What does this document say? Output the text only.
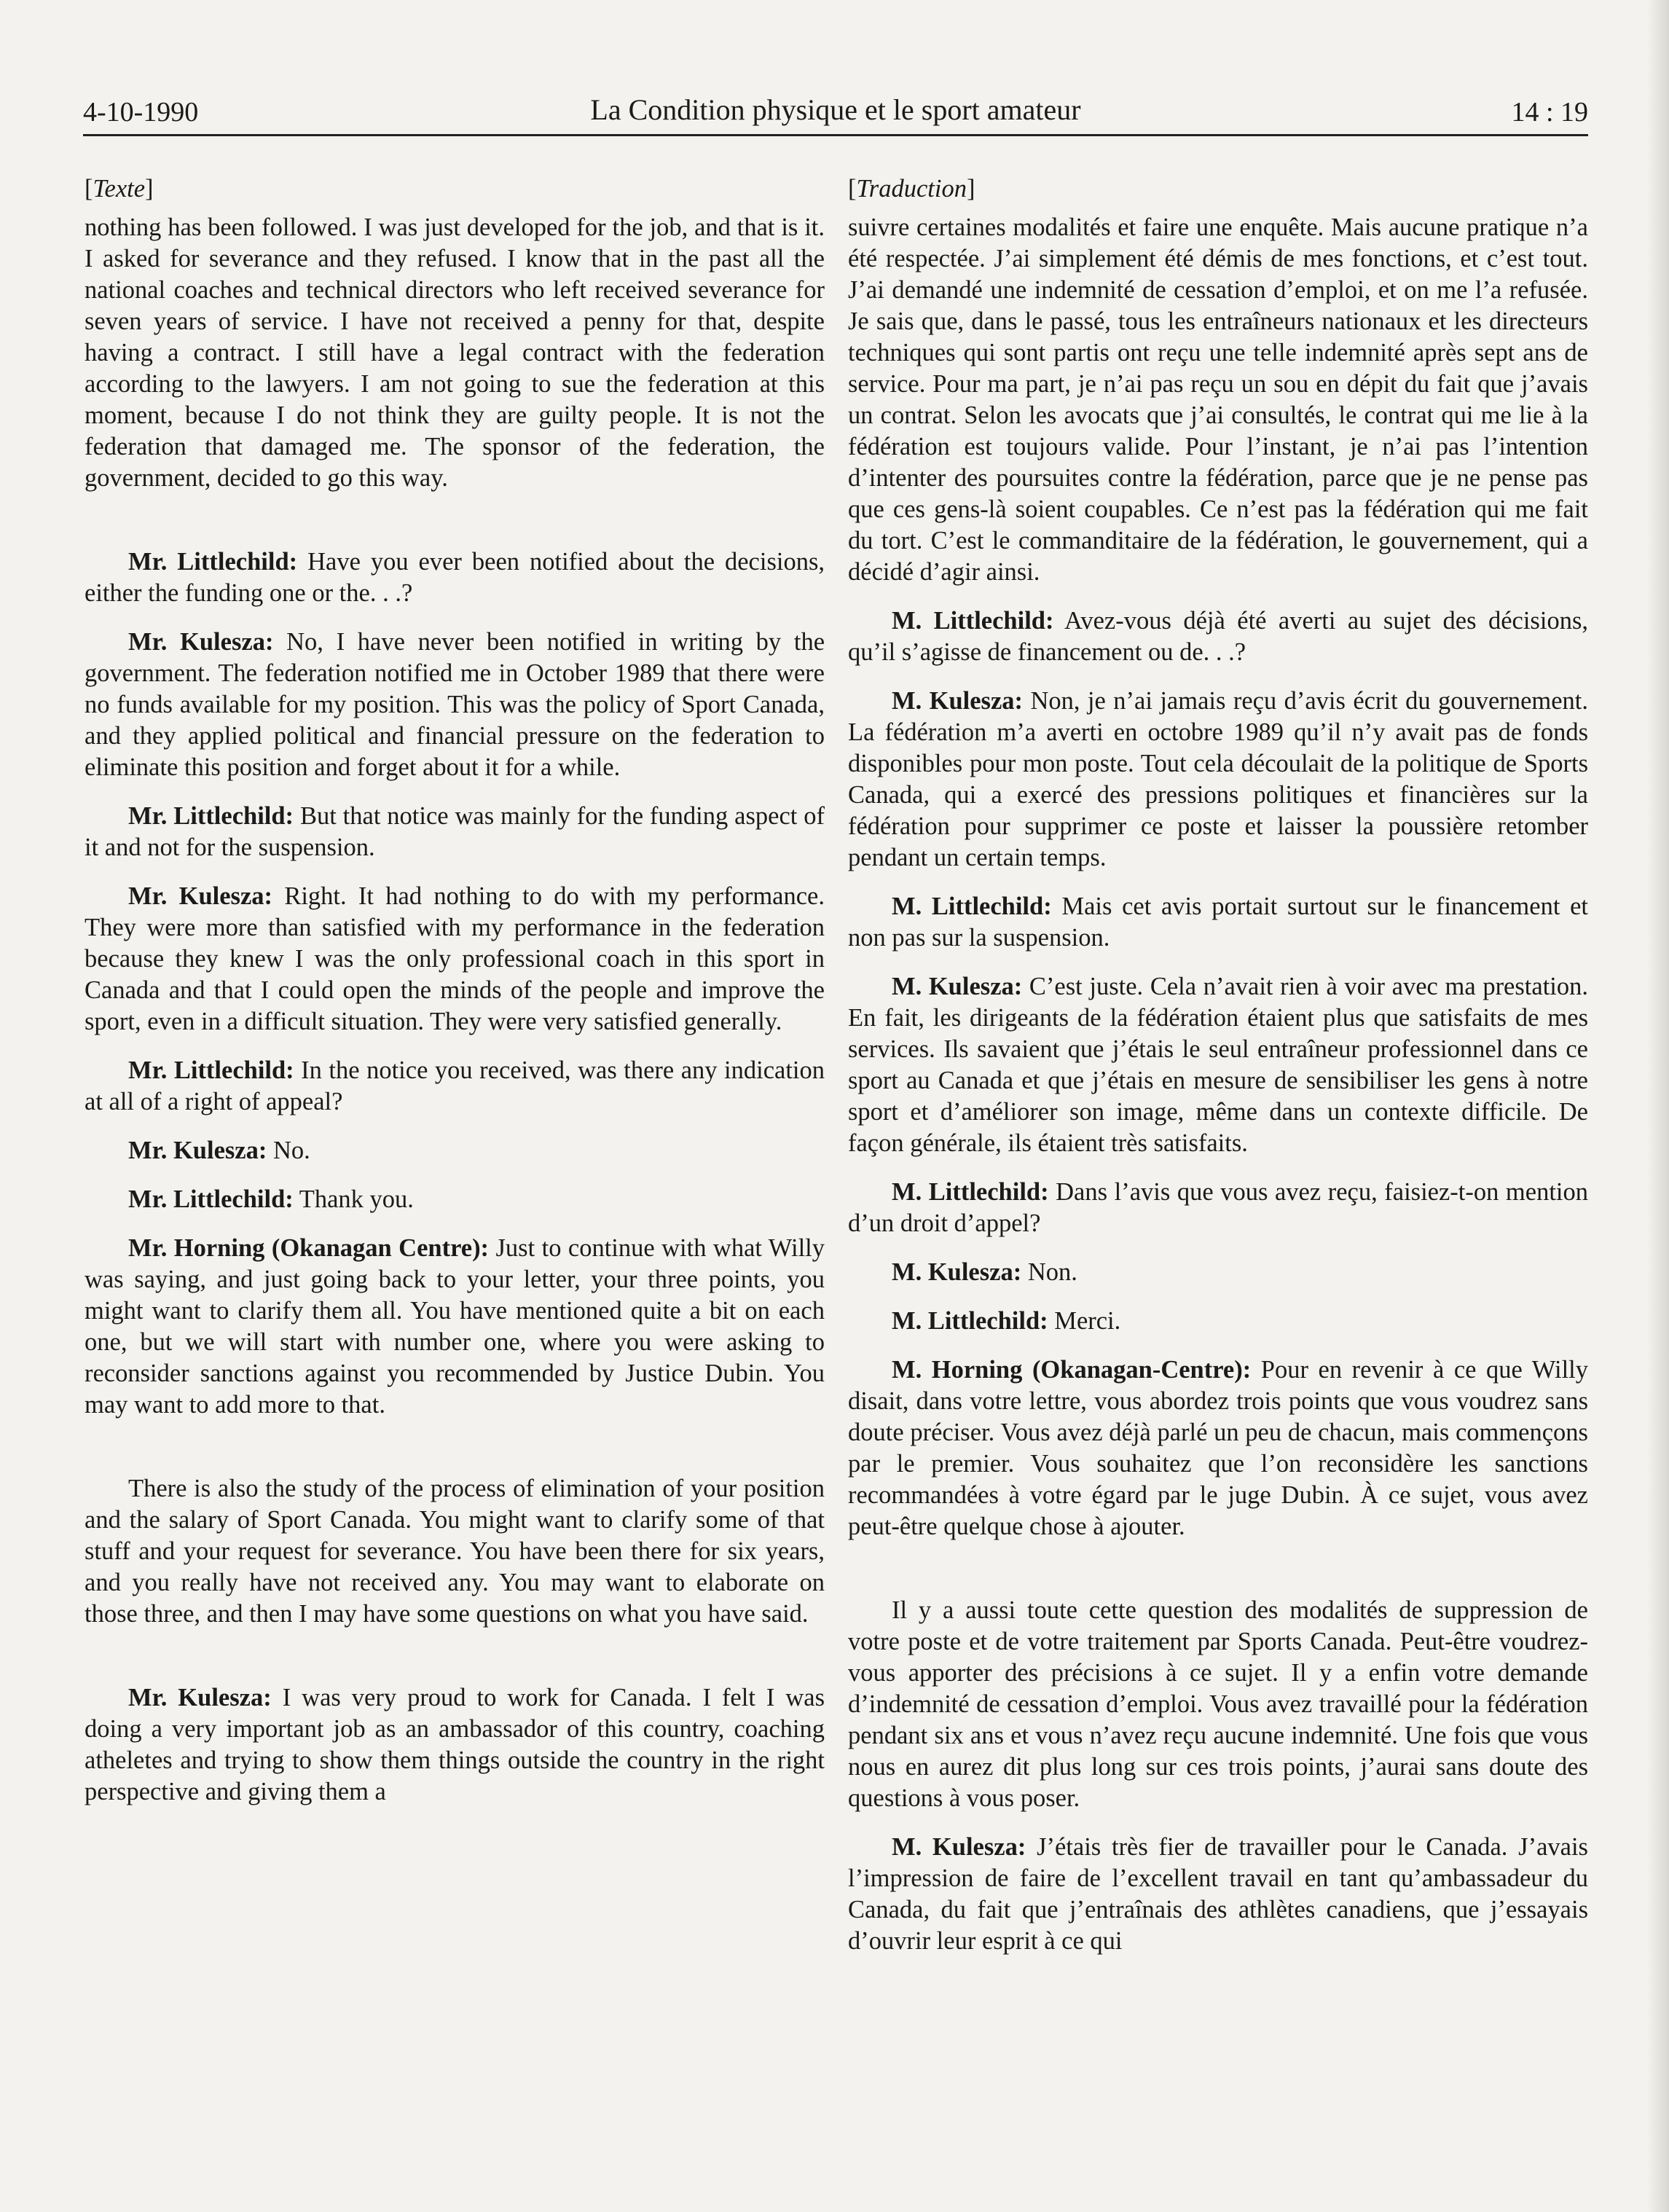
4-10-1990	La Condition physique et le sport amateur	14 : 19
[Texte]

nothing has been followed. I was just developed for the job, and that is it. I asked for severance and they refused. I know that in the past all the national coaches and technical directors who left received severance for seven years of service. I have not received a penny for that, despite having a contract. I still have a legal contract with the federation according to the lawyers. I am not going to sue the federation at this moment, because I do not think they are guilty people. It is not the federation that damaged me. The sponsor of the federation, the government, decided to go this way.

Mr. Littlechild: Have you ever been notified about the decisions, either the funding one or the. . .?

Mr. Kulesza: No, I have never been notified in writing by the government. The federation notified me in October 1989 that there were no funds available for my position. This was the policy of Sport Canada, and they applied political and financial pressure on the federation to eliminate this position and forget about it for a while.

Mr. Littlechild: But that notice was mainly for the funding aspect of it and not for the suspension.

Mr. Kulesza: Right. It had nothing to do with my performance. They were more than satisfied with my performance in the federation because they knew I was the only professional coach in this sport in Canada and that I could open the minds of the people and improve the sport, even in a difficult situation. They were very satisfied generally.

Mr. Littlechild: In the notice you received, was there any indication at all of a right of appeal?

Mr. Kulesza: No.

Mr. Littlechild: Thank you.

Mr. Horning (Okanagan Centre): Just to continue with what Willy was saying, and just going back to your letter, your three points, you might want to clarify them all. You have mentioned quite a bit on each one, but we will start with number one, where you were asking to reconsider sanctions against you recommended by Justice Dubin. You may want to add more to that.

There is also the study of the process of elimination of your position and the salary of Sport Canada. You might want to clarify some of that stuff and your request for severance. You have been there for six years, and you really have not received any. You may want to elaborate on those three, and then I may have some questions on what you have said.

Mr. Kulesza: I was very proud to work for Canada. I felt I was doing a very important job as an ambassador of this country, coaching atheletes and trying to show them things outside the country in the right perspective and giving them a

[Traduction]

suivre certaines modalités et faire une enquête. Mais aucune pratique n’a été respectée. J’ai simplement été démis de mes fonctions, et c’est tout. J’ai demandé une indemnité de cessation d’emploi, et on me l’a refusée. Je sais que, dans le passé, tous les entraîneurs nationaux et les directeurs techniques qui sont partis ont reçu une telle indemnité après sept ans de service. Pour ma part, je n’ai pas reçu un sou en dépit du fait que j’avais un contrat. Selon les avocats que j’ai consultés, le contrat qui me lie à la fédération est toujours valide. Pour l’instant, je n’ai pas l’intention d’intenter des poursuites contre la fédération, parce que je ne pense pas que ces gens-là soient coupables. Ce n’est pas la fédération qui me fait du tort. C’est le commanditaire de la fédération, le gouvernement, qui a décidé d’agir ainsi.

M. Littlechild: Avez-vous déjà été averti au sujet des décisions, qu’il s’agisse de financement ou de. . .?

M. Kulesza: Non, je n’ai jamais reçu d’avis écrit du gouvernement. La fédération m’a averti en octobre 1989 qu’il n’y avait pas de fonds disponibles pour mon poste. Tout cela découlait de la politique de Sports Canada, qui a exercé des pressions politiques et financières sur la fédération pour supprimer ce poste et laisser la poussière retomber pendant un certain temps.

M. Littlechild: Mais cet avis portait surtout sur le financement et non pas sur la suspension.

M. Kulesza: C’est juste. Cela n’avait rien à voir avec ma prestation. En fait, les dirigeants de la fédération étaient plus que satisfaits de mes services. Ils savaient que j’étais le seul entraîneur professionnel dans ce sport au Canada et que j’étais en mesure de sensibiliser les gens à notre sport et d’améliorer son image, même dans un contexte difficile. De façon générale, ils étaient très satisfaits.

M. Littlechild: Dans l’avis que vous avez reçu, faisiez-t-on mention d’un droit d’appel?

M. Kulesza: Non.

M. Littlechild: Merci.

M. Horning (Okanagan-Centre): Pour en revenir à ce que Willy disait, dans votre lettre, vous abordez trois points que vous voudrez sans doute préciser. Vous avez déjà parlé un peu de chacun, mais commençons par le premier. Vous souhaitez que l’on reconsidère les sanctions recommandées à votre égard par le juge Dubin. À ce sujet, vous avez peut-être quelque chose à ajouter.

Il y a aussi toute cette question des modalités de suppression de votre poste et de votre traitement par Sports Canada. Peut-être voudrez-vous apporter des précisions à ce sujet. Il y a enfin votre demande d’indemnité de cessation d’emploi. Vous avez travaillé pour la fédération pendant six ans et vous n’avez reçu aucune indemnité. Une fois que vous nous en aurez dit plus long sur ces trois points, j’aurai sans doute des questions à vous poser.

M. Kulesza: J’étais très fier de travailler pour le Canada. J’avais l’impression de faire de l’excellent travail en tant qu’ambassadeur du Canada, du fait que j’entraînais des athlètes canadiens, que j’essayais d’ouvrir leur esprit à ce qui
